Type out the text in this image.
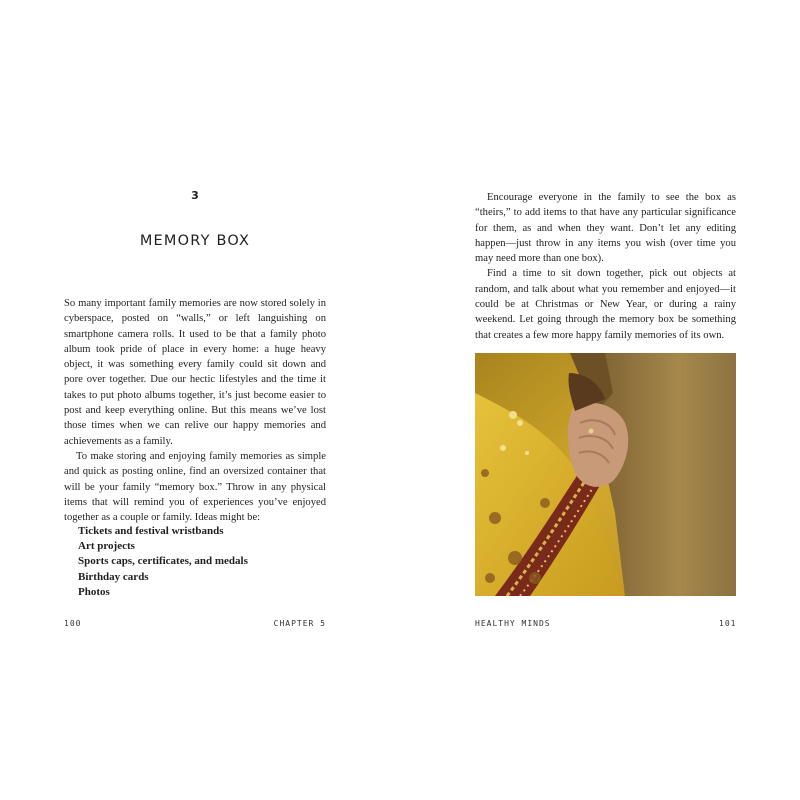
3
MEMORY BOX

So many important family memories are now stored solely in cyberspace, posted on “walls,” or left languishing on smartphone camera rolls. It used to be that a family photo album took pride of place in every home: a huge heavy object, it was something every family could sit down and pore over together. Due our hectic lifestyles and the time it takes to put photo albums together, it’s just become easier to post and keep everything online. But this means we’ve lost those times when we can relive our happy memories and achievements as a family.

To make storing and enjoying family memories as simple and quick as posting online, find an oversized container that will be your family “memory box.” Throw in any physical items that will remind you of experiences you’ve enjoyed together as a couple or family. Ideas might be:

Tickets and festival wristbands
Art projects
Sports caps, certificates, and medals
Birthday cards
Photos
100	CHAPTER 5

Encourage everyone in the family to see the box as “theirs,” to add items to that have any particular significance for them, as and when they want. Don’t let any editing happen—just throw in any items you wish (over time you may need more than one box).

Find a time to sit down together, pick out objects at random, and talk about what you remember and enjoyed—it could be at Christmas or New Year, or during a rainy weekend. Let going through the memory box be something that creates a few more happy family memories of its own.

HEALTHY MINDS	101
